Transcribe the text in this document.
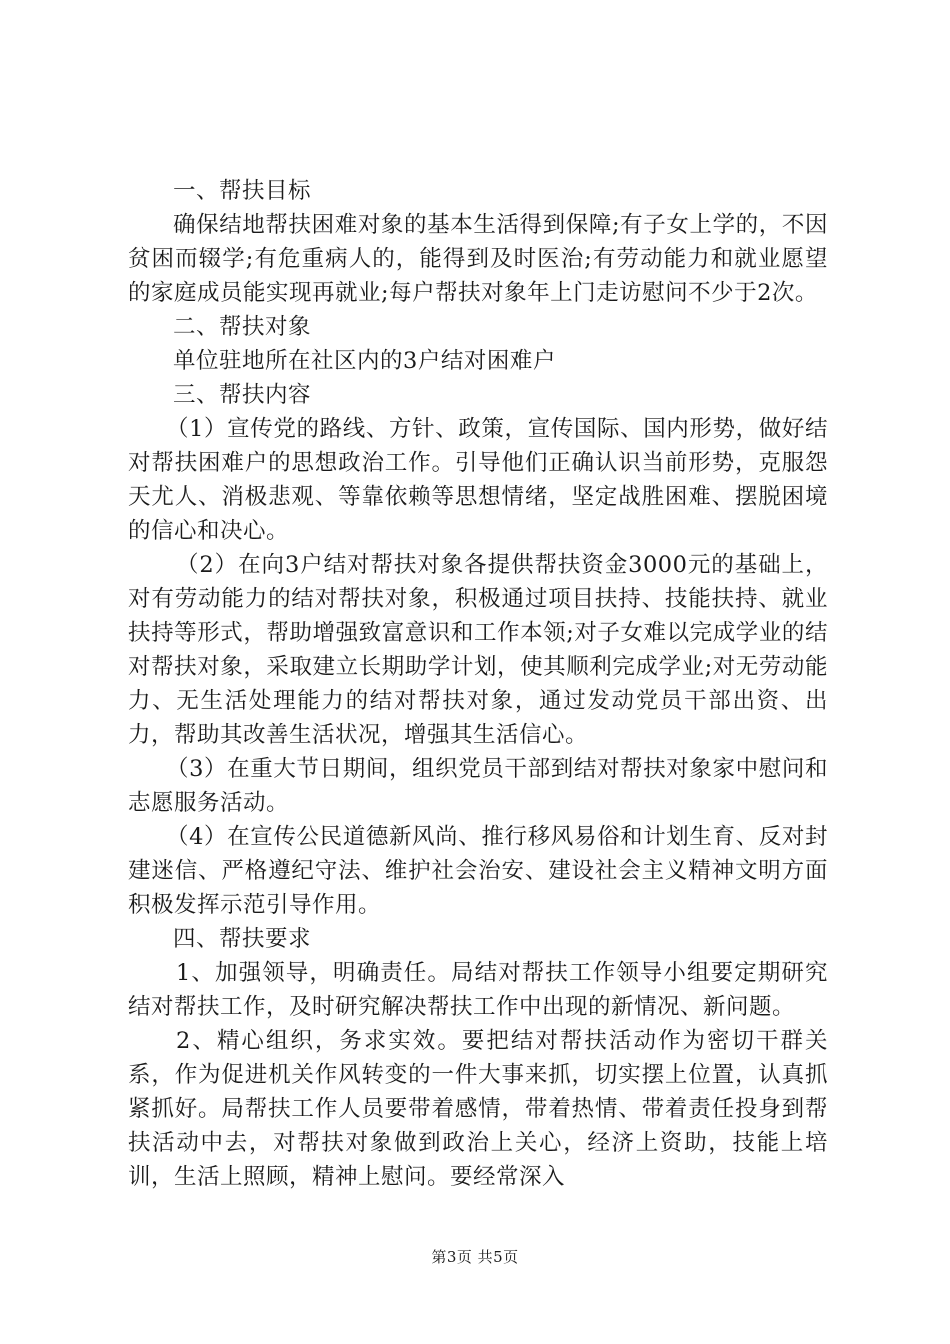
一、帮扶目标

确保结地帮扶困难对象的基本生活得到保障;有子女上学的，不因贫困而辍学;有危重病人的，能得到及时医治;有劳动能力和就业愿望的家庭成员能实现再就业;每户帮扶对象年上门走访慰问不少于2次。

二、帮扶对象

单位驻地所在社区内的3户结对困难户

三、帮扶内容

（1）宣传党的路线、方针、政策，宣传国际、国内形势，做好结对帮扶困难户的思想政治工作。引导他们正确认识当前形势，克服怨天尤人、消极悲观、等靠依赖等思想情绪，坚定战胜困难、摆脱困境的信心和决心。

（2）在向3户结对帮扶对象各提供帮扶资金3000元的基础上，对有劳动能力的结对帮扶对象，积极通过项目扶持、技能扶持、就业扶持等形式，帮助增强致富意识和工作本领;对子女难以完成学业的结对帮扶对象，采取建立长期助学计划，使其顺利完成学业;对无劳动能力、无生活处理能力的结对帮扶对象，通过发动党员干部出资、出力，帮助其改善生活状况，增强其生活信心。

（3）在重大节日期间，组织党员干部到结对帮扶对象家中慰问和志愿服务活动。

（4）在宣传公民道德新风尚、推行移风易俗和计划生育、反对封建迷信、严格遵纪守法、维护社会治安、建设社会主义精神文明方面积极发挥示范引导作用。

四、帮扶要求

1、加强领导，明确责任。局结对帮扶工作领导小组要定期研究结对帮扶工作，及时研究解决帮扶工作中出现的新情况、新问题。

2、精心组织，务求实效。要把结对帮扶活动作为密切干群关系，作为促进机关作风转变的一件大事来抓，切实摆上位置，认真抓紧抓好。局帮扶工作人员要带着感情，带着热情、带着责任投身到帮扶活动中去，对帮扶对象做到政治上关心，经济上资助，技能上培训，生活上照顾，精神上慰问。要经常深入

第3页 共5页
